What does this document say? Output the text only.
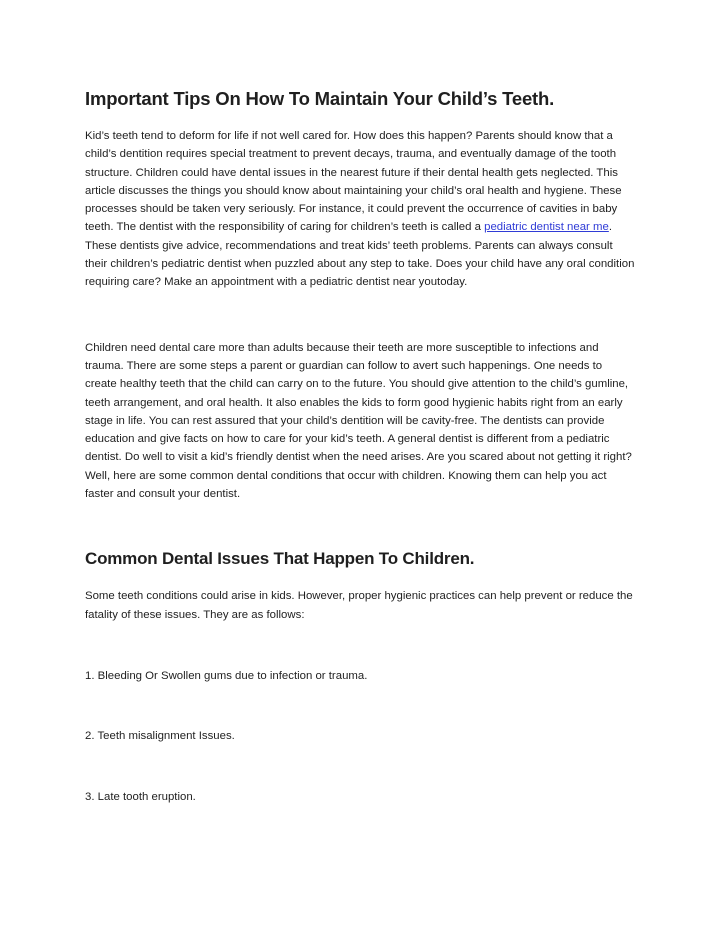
Important Tips On How To Maintain Your Child’s Teeth.

Kid’s teeth tend to deform for life if not well cared for. How does this happen? Parents should know that a child’s dentition requires special treatment to prevent decays, trauma, and eventually damage of the tooth structure. Children could have dental issues in the nearest future if their dental health gets neglected. This article discusses the things you should know about maintaining your child’s oral health and hygiene. These processes should be taken very seriously. For instance, it could prevent the occurrence of cavities in baby teeth. The dentist with the responsibility of caring for children’s teeth is called a pediatric dentist near me. These dentists give advice, recommendations and treat kids’ teeth problems. Parents can always consult their children’s pediatric dentist when puzzled about any step to take. Does your child have any oral condition requiring care? Make an appointment with a pediatric dentist near youtoday.

Children need dental care more than adults because their teeth are more susceptible to infections and trauma. There are some steps a parent or guardian can follow to avert such happenings. One needs to create healthy teeth that the child can carry on to the future. You should give attention to the child’s gumline, teeth arrangement, and oral health. It also enables the kids to form good hygienic habits right from an early stage in life. You can rest assured that your child’s dentition will be cavity-free. The dentists can provide education and give facts on how to care for your kid’s teeth. A general dentist is different from a pediatric dentist. Do well to visit a kid’s friendly dentist when the need arises. Are you scared about not getting it right? Well, here are some common dental conditions that occur with children. Knowing them can help you act faster and consult your dentist.

Common Dental Issues That Happen To Children.

Some teeth conditions could arise in kids. However, proper hygienic practices can help prevent or reduce the fatality of these issues. They are as follows:

1. Bleeding Or Swollen gums due to infection or trauma.

2. Teeth misalignment Issues.

3. Late tooth eruption.
